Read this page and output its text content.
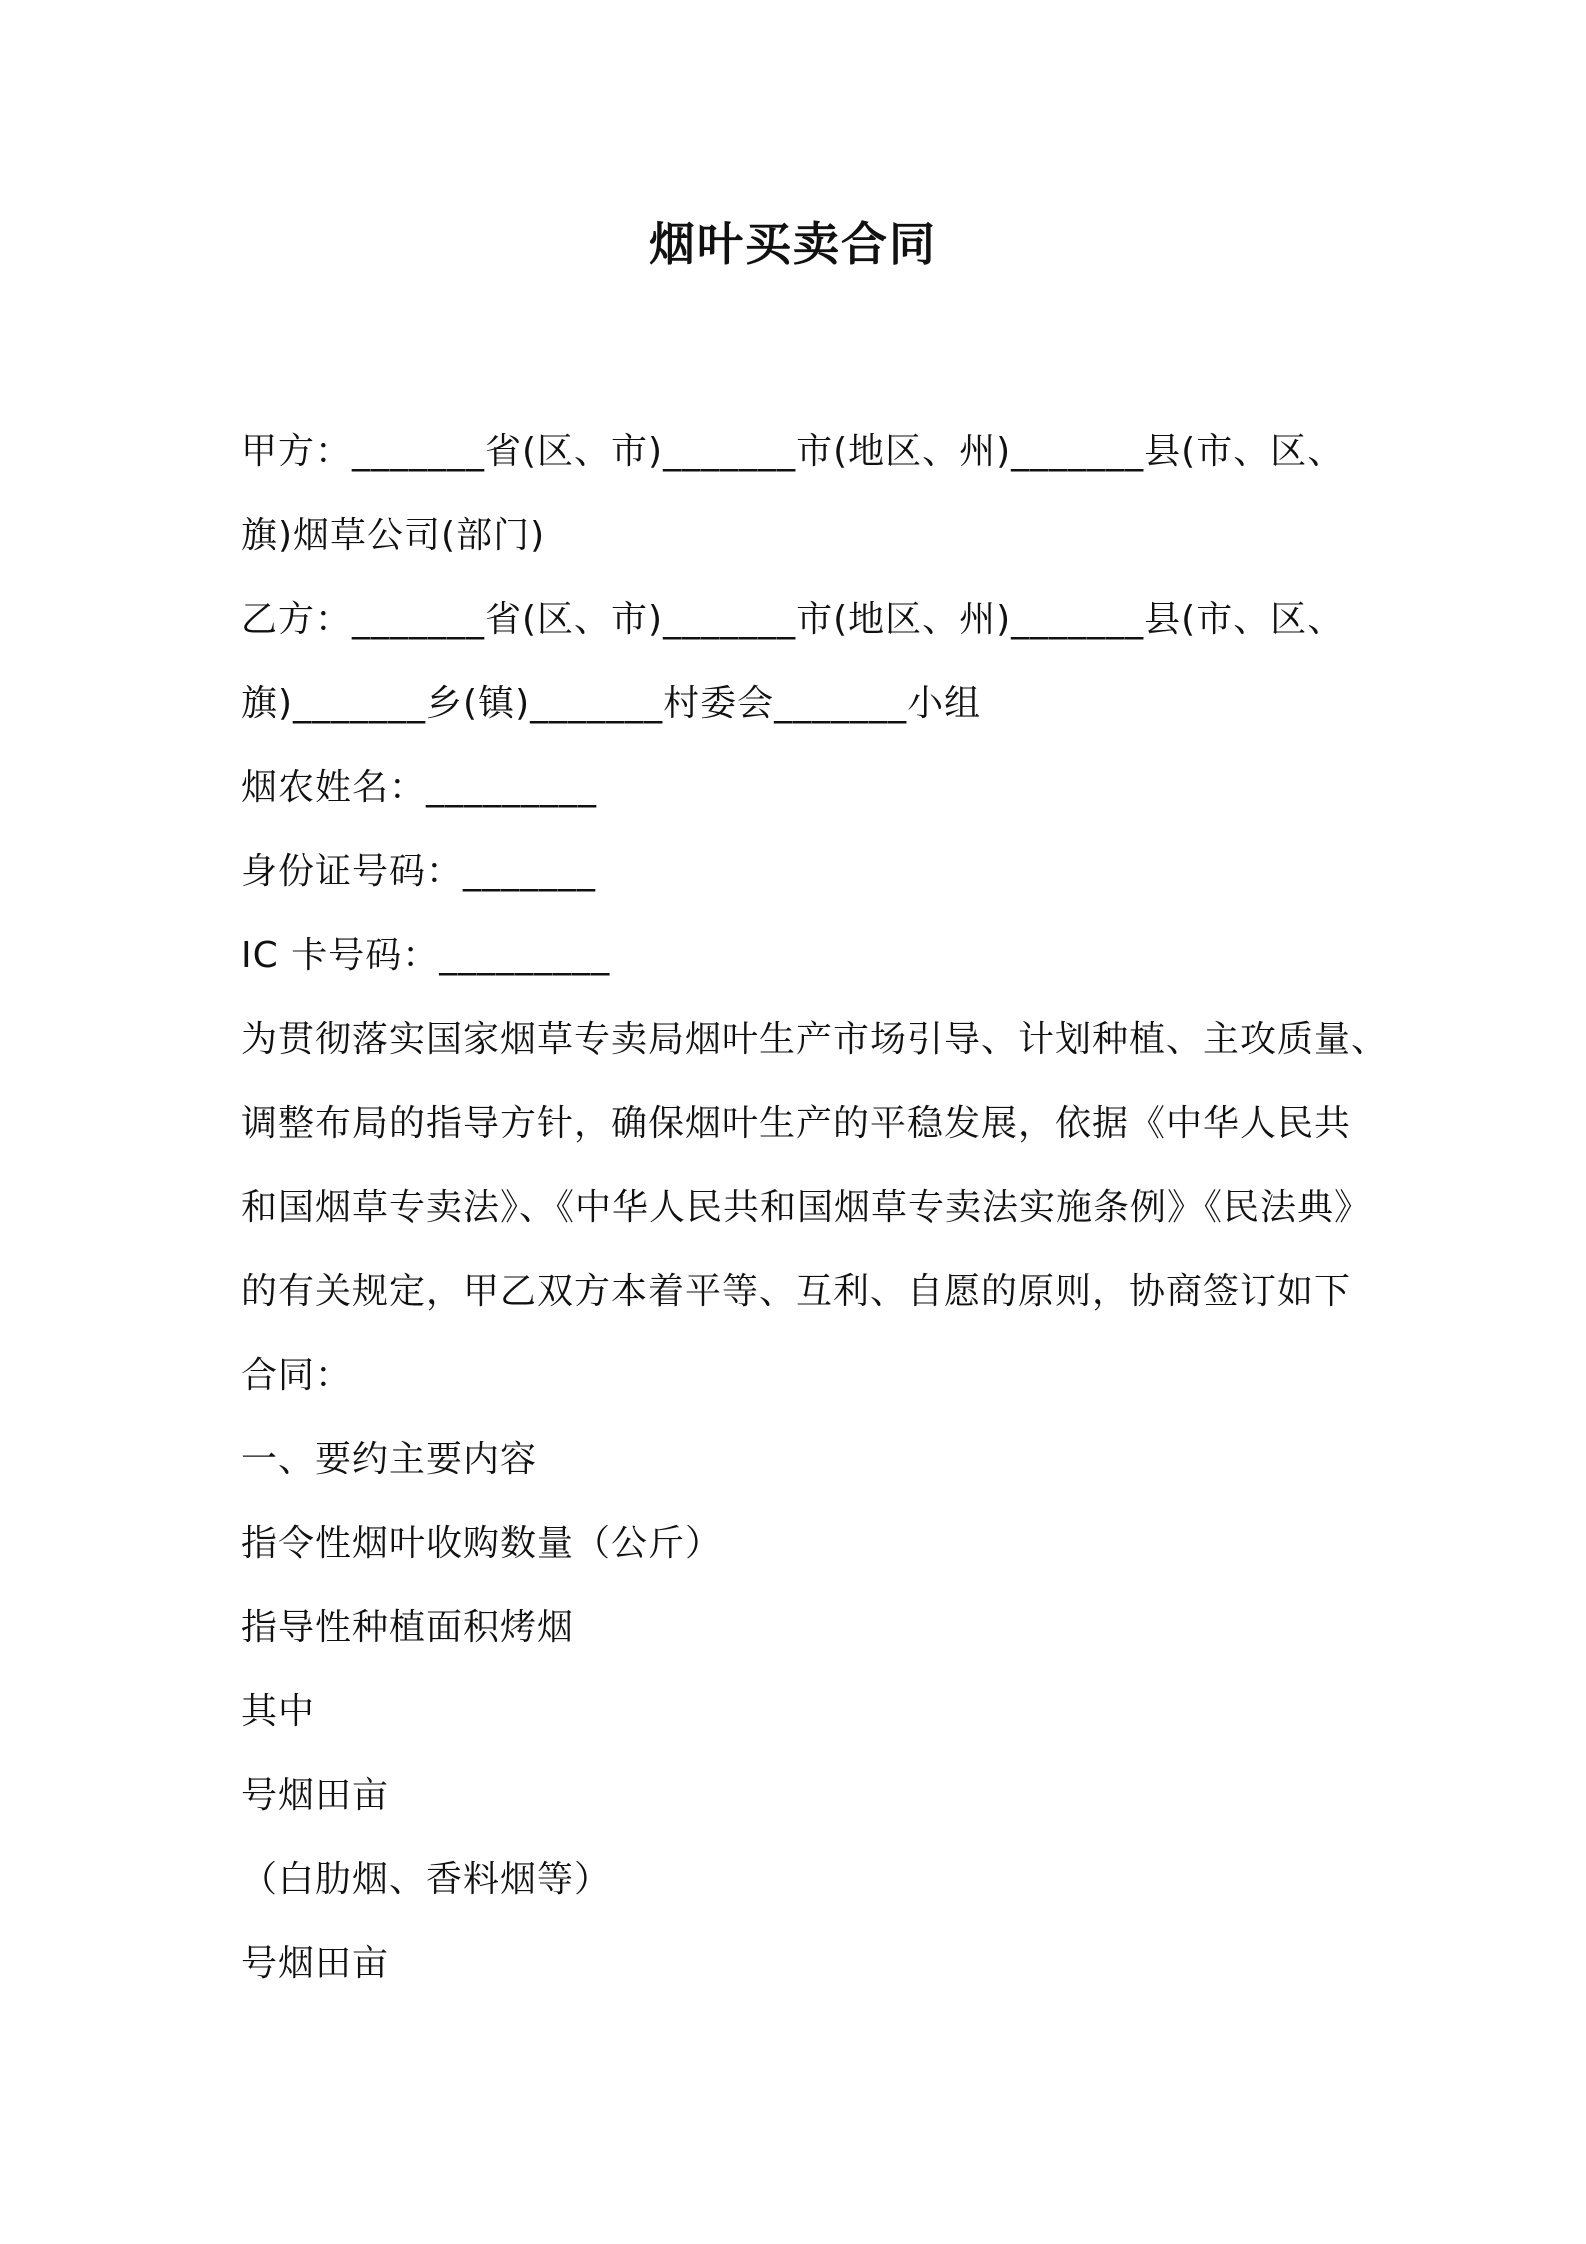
烟叶买卖合同
甲方：_______省(区、市)_______市(地区、州)_______县(市、区、
旗)烟草公司(部门)
乙方：_______省(区、市)_______市(地区、州)_______县(市、区、
旗)_______乡(镇)_______村委会_______小组
烟农姓名：_________
身份证号码：_______
IC 卡号码：_________
为贯彻落实国家烟草专卖局烟叶生产市场引导、计划种植、主攻质量、
调整布局的指导方针，确保烟叶生产的平稳发展，依据《中华人民共
和国烟草专卖法》、《中华人民共和国烟草专卖法实施条例》《民法典》
的有关规定，甲乙双方本着平等、互利、自愿的原则，协商签订如下
合同：
一、要约主要内容
指令性烟叶收购数量（公斤）
指导性种植面积烤烟
其中
号烟田亩
（白肋烟、香料烟等）
号烟田亩
